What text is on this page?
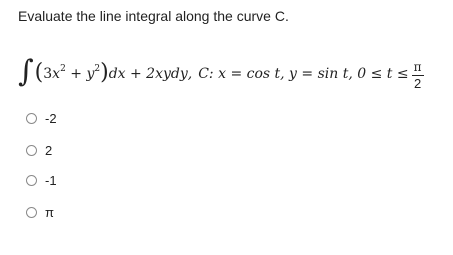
Evaluate the line integral along the curve C.
∫ ( $3x^2 + y^2$ ) dx + 2xydy , C: x = cos t, y = sin t, $0 \le t \le \frac{\pi}{2}$
-2
2
-1
π
